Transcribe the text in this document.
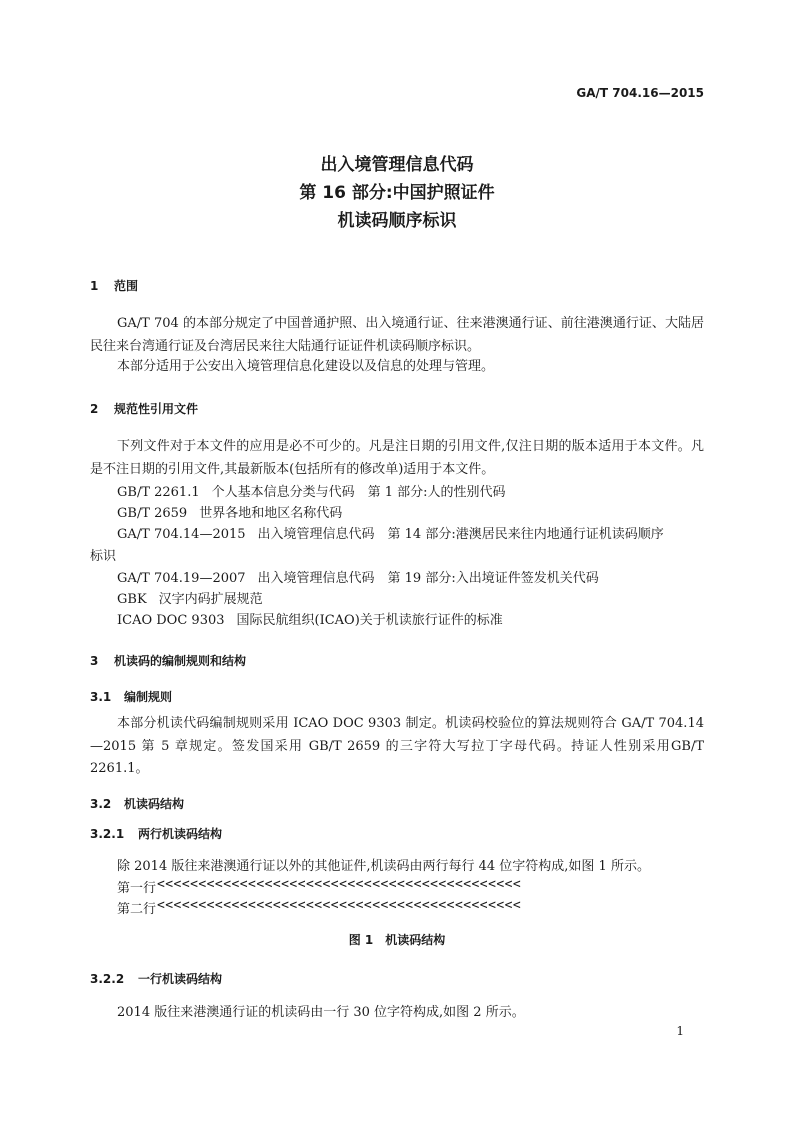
GA/T 704.16—2015
出入境管理信息代码
第 16 部分:中国护照证件
机读码顺序标识
1 范围
GA/T 704 的本部分规定了中国普通护照、出入境通行证、往来港澳通行证、前往港澳通行证、大陆居民往来台湾通行证及台湾居民来往大陆通行证证件机读码顺序标识。
本部分适用于公安出入境管理信息化建设以及信息的处理与管理。
2 规范性引用文件
下列文件对于本文件的应用是必不可少的。凡是注日期的引用文件,仅注日期的版本适用于本文件。凡是不注日期的引用文件,其最新版本(包括所有的修改单)适用于本文件。
GB/T 2261.1 个人基本信息分类与代码　第 1 部分:人的性别代码
GB/T 2659 世界各地和地区名称代码
GA/T 704.14—2015 出入境管理信息代码　第 14 部分:港澳居民来往内地通行证机读码顺序
标识
GA/T 704.19—2007 出入境管理信息代码　第 19 部分:入出境证件签发机关代码
GBK 汉字内码扩展规范
ICAO DOC 9303 国际民航组织(ICAO)关于机读旅行证件的标准
3 机读码的编制规则和结构
3.1 编制规则
本部分机读代码编制规则采用 ICAO DOC 9303 制定。机读码校验位的算法规则符合 GA/T 704.14—2015 第 5 章规定。签发国采用 GB/T 2659 的三字符大写拉丁字母代码。持证人性别采用GB/T 2261.1。
3.2 机读码结构
3.2.1 两行机读码结构
除 2014 版往来港澳通行证以外的其他证件,机读码由两行每行 44 位字符构成,如图 1 所示。
第一行 <<<<<<<<<<<<<<<<<<<<<<<<<<<<<<<<<<<<<<<<<<<<
第二行 <<<<<<<<<<<<<<<<<<<<<<<<<<<<<<<<<<<<<<<<<<<<
图 1　机读码结构
3.2.2 一行机读码结构
2014 版往来港澳通行证的机读码由一行 30 位字符构成,如图 2 所示。
1
